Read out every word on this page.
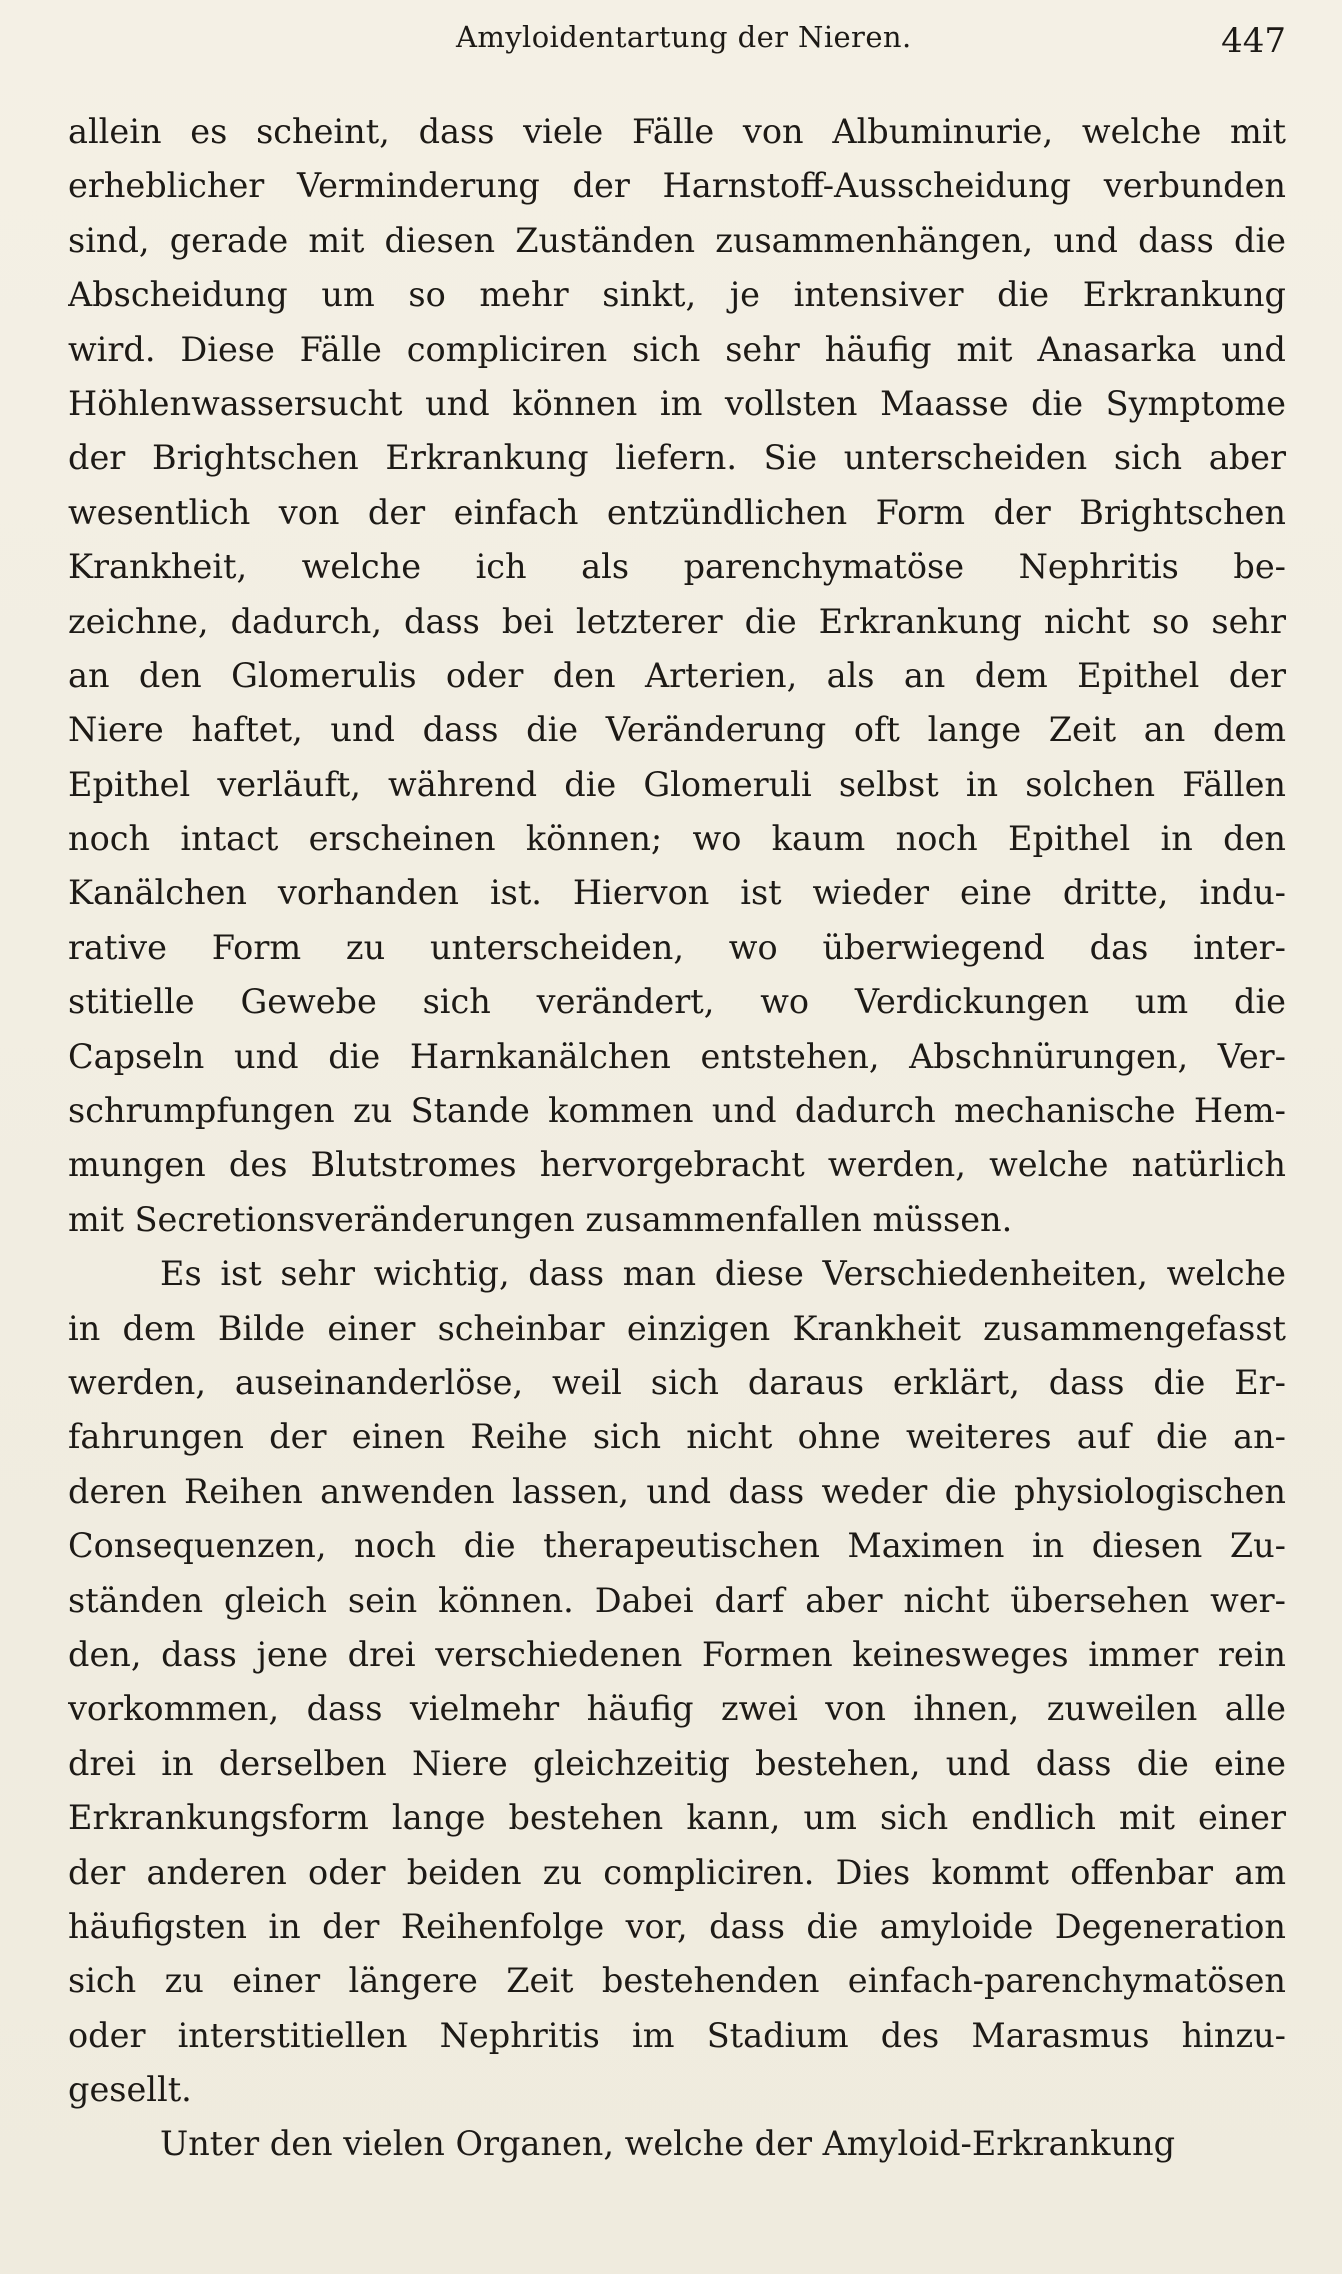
Amyloidentartung der Nieren.	447
allein es scheint, dass viele Fälle von Albuminurie, welche mit
erheblicher Verminderung der Harnstoff-Ausscheidung verbunden
sind, gerade mit diesen Zuständen zusammenhängen, und dass die
Abscheidung um so mehr sinkt, je intensiver die Erkrankung
wird. Diese Fälle compliciren sich sehr häufig mit Anasarka und
Höhlenwassersucht und können im vollsten Maasse die Symptome
der Brightschen Erkrankung liefern. Sie unterscheiden sich aber
wesentlich von der einfach entzündlichen Form der Brightschen
Krankheit, welche ich als parenchymatöse Nephritis be-
zeichne, dadurch, dass bei letzterer die Erkrankung nicht so sehr
an den Glomerulis oder den Arterien, als an dem Epithel der
Niere haftet, und dass die Veränderung oft lange Zeit an dem
Epithel verläuft, während die Glomeruli selbst in solchen Fällen
noch intact erscheinen können; wo kaum noch Epithel in den
Kanälchen vorhanden ist. Hiervon ist wieder eine dritte, indu-
rative Form zu unterscheiden, wo überwiegend das inter-
stitielle Gewebe sich verändert, wo Verdickungen um die
Capseln und die Harnkanälchen entstehen, Abschnürungen, Ver-
schrumpfungen zu Stande kommen und dadurch mechanische Hem-
mungen des Blutstromes hervorgebracht werden, welche natürlich
mit Secretionsveränderungen zusammenfallen müssen.
Es ist sehr wichtig, dass man diese Verschiedenheiten, welche
in dem Bilde einer scheinbar einzigen Krankheit zusammengefasst
werden, auseinanderlöse, weil sich daraus erklärt, dass die Er-
fahrungen der einen Reihe sich nicht ohne weiteres auf die an-
deren Reihen anwenden lassen, und dass weder die physiologischen
Consequenzen, noch die therapeutischen Maximen in diesen Zu-
ständen gleich sein können. Dabei darf aber nicht übersehen wer-
den, dass jene drei verschiedenen Formen keinesweges immer rein
vorkommen, dass vielmehr häufig zwei von ihnen, zuweilen alle
drei in derselben Niere gleichzeitig bestehen, und dass die eine
Erkrankungsform lange bestehen kann, um sich endlich mit einer
der anderen oder beiden zu compliciren. Dies kommt offenbar am
häufigsten in der Reihenfolge vor, dass die amyloide Degeneration
sich zu einer längere Zeit bestehenden einfach-parenchymatösen
oder interstitiellen Nephritis im Stadium des Marasmus hinzu-
gesellt.
Unter den vielen Organen, welche der Amyloid-Erkrankung
